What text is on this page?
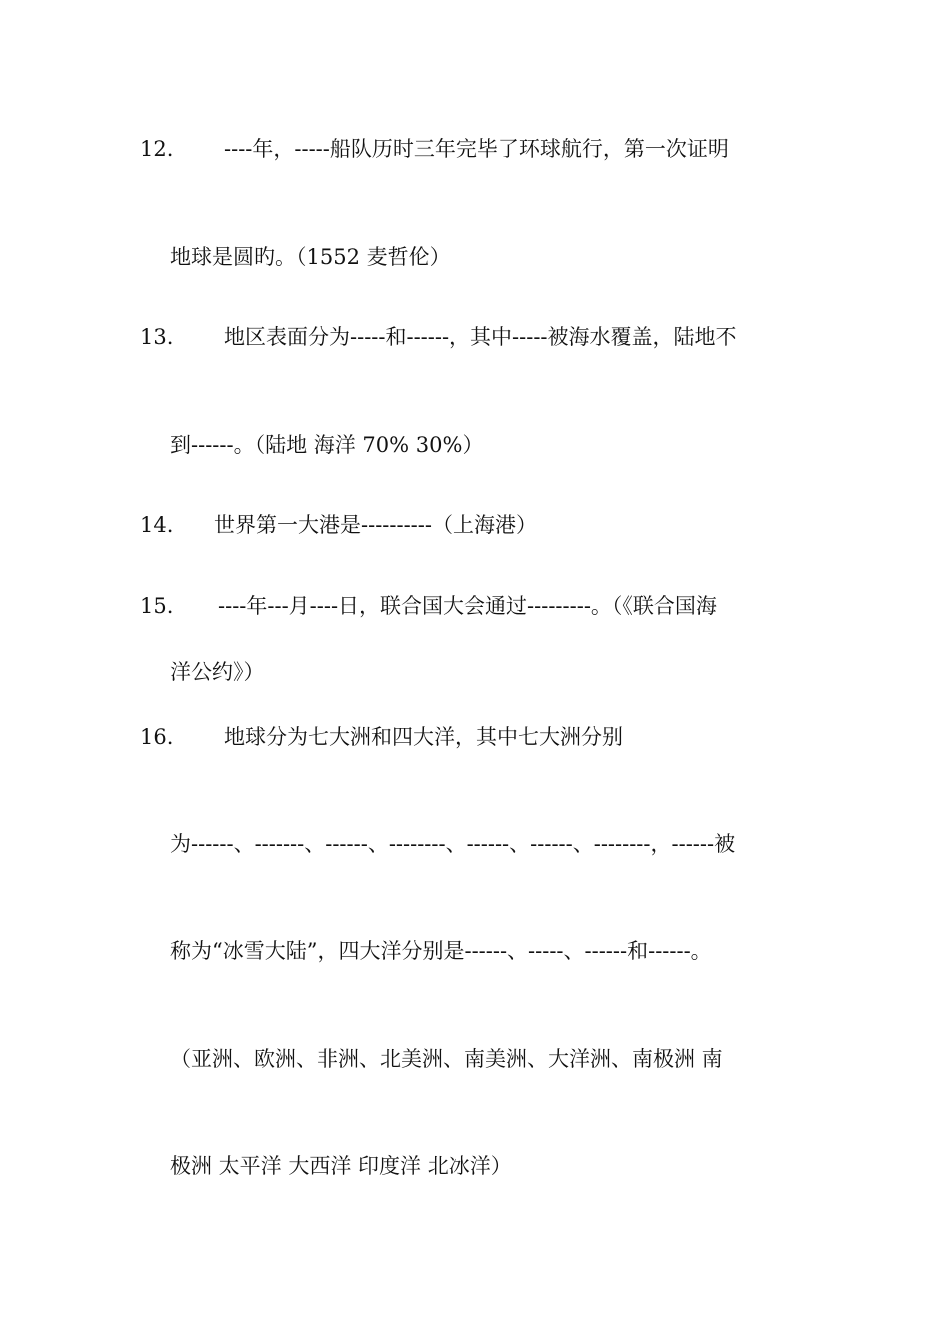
12. ----年，-----船队历时三年完毕了环球航行，第一次证明
地球是圆旳。（1552 麦哲伦）
13. 地区表面分为-----和------，其中-----被海水覆盖，陆地不
到------。（陆地 海洋 70% 30%）
14. 世界第一大港是----------（上海港）
15. ----年---月----日，联合国大会通过---------。（《联合国海
洋公约》）
16. 地球分为七大洲和四大洋，其中七大洲分别
为------、-------、------、--------、------、------、--------，------被
称为“冰雪大陆”，四大洋分别是------、-----、------和------。
（亚洲、欧洲、非洲、北美洲、南美洲、大洋洲、南极洲 南
极洲 太平洋 大西洋 印度洋 北冰洋）
